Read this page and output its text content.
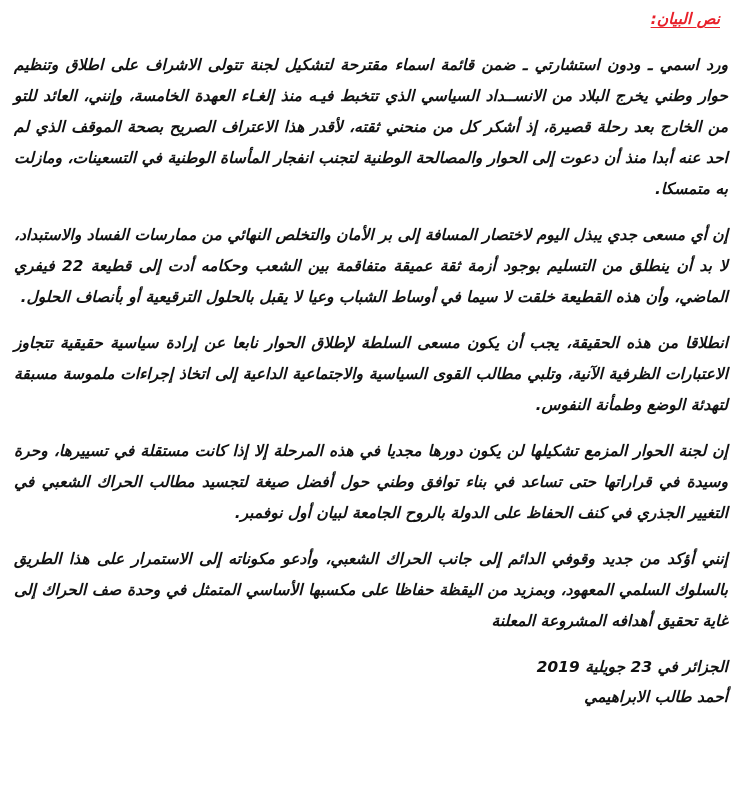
نص البيان:

ورد اسمي ـ ودون استشارتي ـ ضمن قائمة اسماء مقترحة لتشكيل لجنة تتولى الاشراف على اطلاق وتنظيم حوار وطني يخرج البلاد من الانســداد السياسي الذي تتخبط فيـه منذ إلغـاء العهدة الخامسة، وإنني، العائد للتو من الخارج بعد رحلة قصيرة، إذ أشكر كل من منحني ثقته، لأقدر هذا الاعتراف الصريح بصحة الموقف الذي لم احد عنه أبدا منذ أن دعوت إلى الحوار والمصالحة الوطنية لتجنب انفجار المأساة الوطنية في التسعينات، ومازلت به متمسكا.

إن أي مسعى جدي يبذل اليوم لاختصار المسافة إلى بر الأمان والتخلص النهائي من ممارسات الفساد والاستبداد، لا بد أن ينطلق من التسليم بوجود أزمة ثقة عميقة متفاقمة بين الشعب وحكامه أدت إلى قطيعة 22 فيفري الماضي، وأن هذه القطيعة خلقت لا سيما في أوساط الشباب وعيا لا يقبل بالحلول الترقيعية أو بأنصاف الحلول.

انطلاقا من هذه الحقيقة، يجب أن يكون مسعى السلطة لإطلاق الحوار نابعا عن إرادة سياسية حقيقية تتجاوز الاعتبارات الظرفية الآنية، وتلبي مطالب القوى السياسية والاجتماعية الداعية إلى اتخاذ إجراءات ملموسة مسبقة لتهدئة الوضع وطمأنة النفوس.

إن لجنة الحوار المزمع تشكيلها لن يكون دورها مجديا في هذه المرحلة إلا إذا كانت مستقلة في تسييرها، وحرة وسيدة في قراراتها حتى تساعد في بناء توافق وطني حول أفضل صيغة لتجسيد مطالب الحراك الشعبي في التغيير الجذري في كنف الحفاظ على الدولة بالروح الجامعة لبيان أول نوفمبر.

إنني أؤكد من جديد وقوفي الدائم إلى جانب الحراك الشعبي، وأدعو مكوناته إلى الاستمرار على هذا الطريق بالسلوك السلمي المعهود، وبمزيد من اليقظة حفاظا على مكسبها الأساسي المتمثل في وحدة صف الحراك إلى غاية تحقيق أهدافه المشروعة المعلنة

الجزائر في 23 جويلية 2019

أحمد طالب الابراهيمي
